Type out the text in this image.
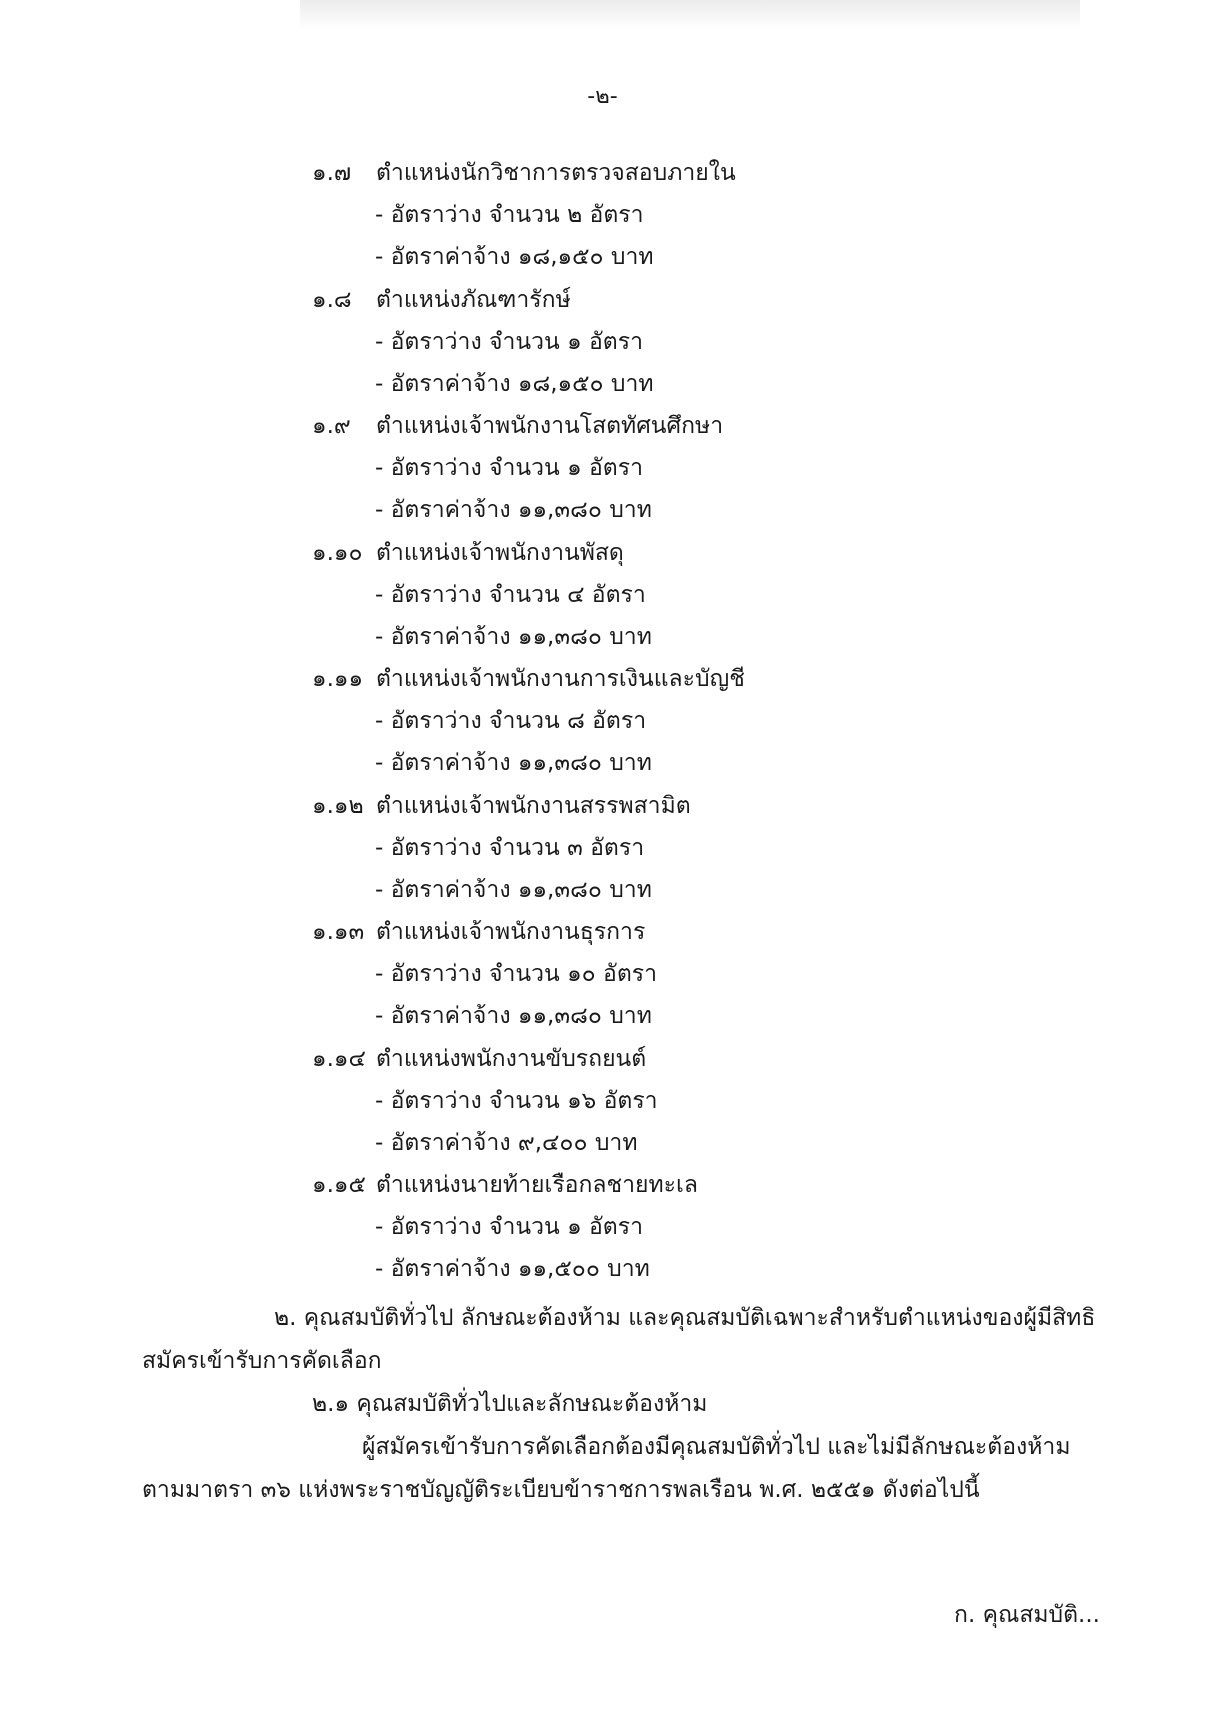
-๒-
๑.๗ ตำแหน่งนักวิชาการตรวจสอบภายใน
- อัตราว่าง จำนวน ๒ อัตรา
- อัตราค่าจ้าง ๑๘,๑๕๐ บาท
๑.๘ ตำแหน่งภัณฑารักษ์
- อัตราว่าง จำนวน ๑ อัตรา
- อัตราค่าจ้าง ๑๘,๑๕๐ บาท
๑.๙ ตำแหน่งเจ้าพนักงานโสตทัศนศึกษา
- อัตราว่าง จำนวน ๑ อัตรา
- อัตราค่าจ้าง ๑๑,๓๘๐ บาท
๑.๑๐ ตำแหน่งเจ้าพนักงานพัสดุ
- อัตราว่าง จำนวน ๔ อัตรา
- อัตราค่าจ้าง ๑๑,๓๘๐ บาท
๑.๑๑ ตำแหน่งเจ้าพนักงานการเงินและบัญชี
- อัตราว่าง จำนวน ๘ อัตรา
- อัตราค่าจ้าง ๑๑,๓๘๐ บาท
๑.๑๒ ตำแหน่งเจ้าพนักงานสรรพสามิต
- อัตราว่าง จำนวน ๓ อัตรา
- อัตราค่าจ้าง ๑๑,๓๘๐ บาท
๑.๑๓ ตำแหน่งเจ้าพนักงานธุรการ
- อัตราว่าง จำนวน ๑๐ อัตรา
- อัตราค่าจ้าง ๑๑,๓๘๐ บาท
๑.๑๔ ตำแหน่งพนักงานขับรถยนต์
- อัตราว่าง จำนวน ๑๖ อัตรา
- อัตราค่าจ้าง ๙,๔๐๐ บาท
๑.๑๕ ตำแหน่งนายท้ายเรือกลชายทะเล
- อัตราว่าง จำนวน ๑ อัตรา
- อัตราค่าจ้าง ๑๑,๕๐๐ บาท
๒. คุณสมบัติทั่วไป ลักษณะต้องห้าม และคุณสมบัติเฉพาะสำหรับตำแหน่งของผู้มีสิทธิ
สมัครเข้ารับการคัดเลือก
๒.๑ คุณสมบัติทั่วไปและลักษณะต้องห้าม
ผู้สมัครเข้ารับการคัดเลือกต้องมีคุณสมบัติทั่วไป และไม่มีลักษณะต้องห้าม
ตามมาตรา ๓๖ แห่งพระราชบัญญัติระเบียบข้าราชการพลเรือน พ.ศ. ๒๕๕๑ ดังต่อไปนี้
ก. คุณสมบัติ...
